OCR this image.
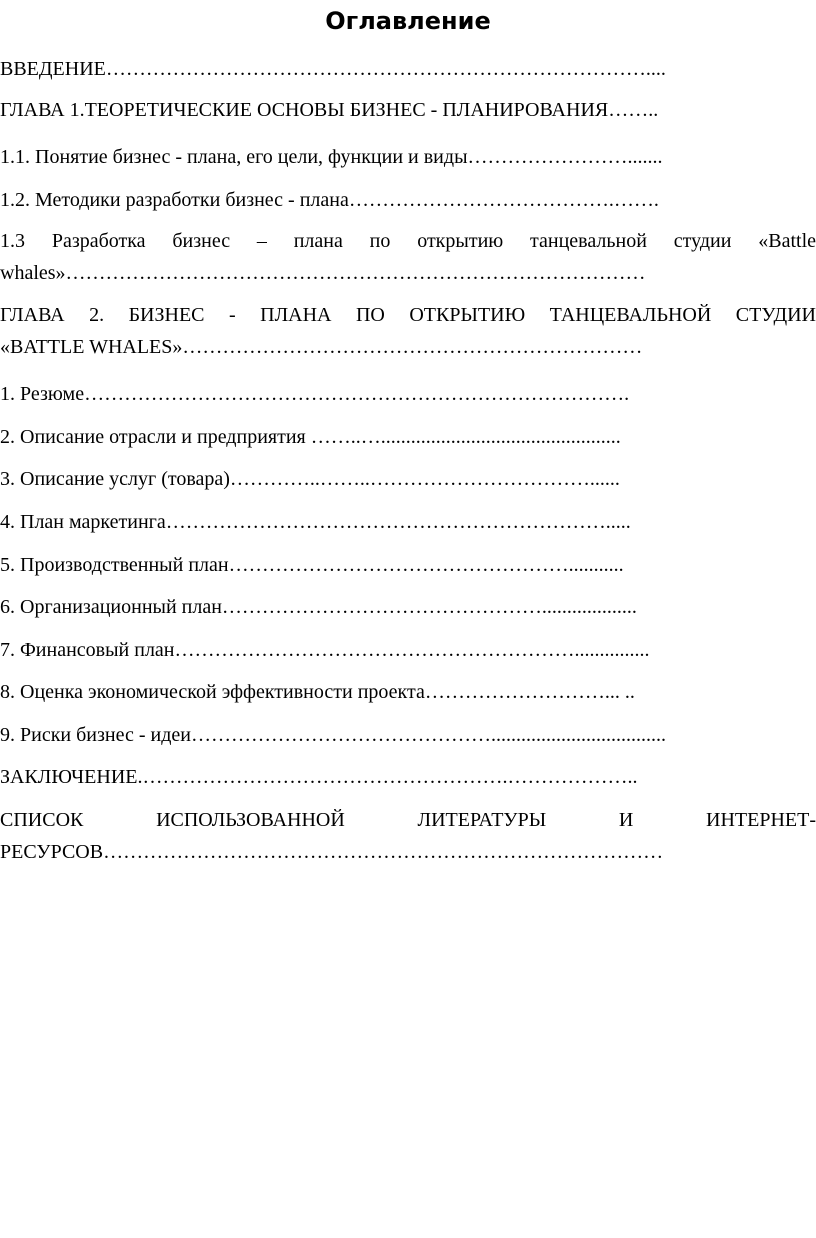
Оглавление
ВВЕДЕНИЕ………………………………………………………………………....
ГЛАВА 1.ТЕОРЕТИЧЕСКИЕ ОСНОВЫ БИЗНЕС - ПЛАНИРОВАНИЯ……..
1.1. Понятие бизнес - плана, его цели, функции и виды…………………….......
1.2. Методики разработки бизнес - плана………………………………….…….
1.3 Разработка бизнес – плана по открытию танцевальной студии «Battle
whales»……………………………………………………………………………
ГЛАВА 2. БИЗНЕС - ПЛАНА ПО ОТКРЫТИЮ ТАНЦЕВАЛЬНОЙ СТУДИИ
«BATTLE WHALES»……………………………………………………………
1. Резюме……………………………………………………………………….
2. Описание отрасли и предприятия ……..…................................................
3. Описание услуг (товара)…………..……..……………………………......
4. План маркетинга………………………………………………………….....
5. Производственный план……………………………………………...........
6. Организационный план…………………………………………...................
7. Финансовый план……………………………………………………...............
8. Оценка экономической эффективности проекта………………………... ..
9. Риски бизнес - идеи………………………………………...................................
ЗАКЛЮЧЕНИЕ.……………………………………………….………………..
СПИСОК ИСПОЛЬЗОВАННОЙ ЛИТЕРАТУРЫ И ИНТЕРНЕТ-
РЕСУРСОВ…………………………………………………………………………
